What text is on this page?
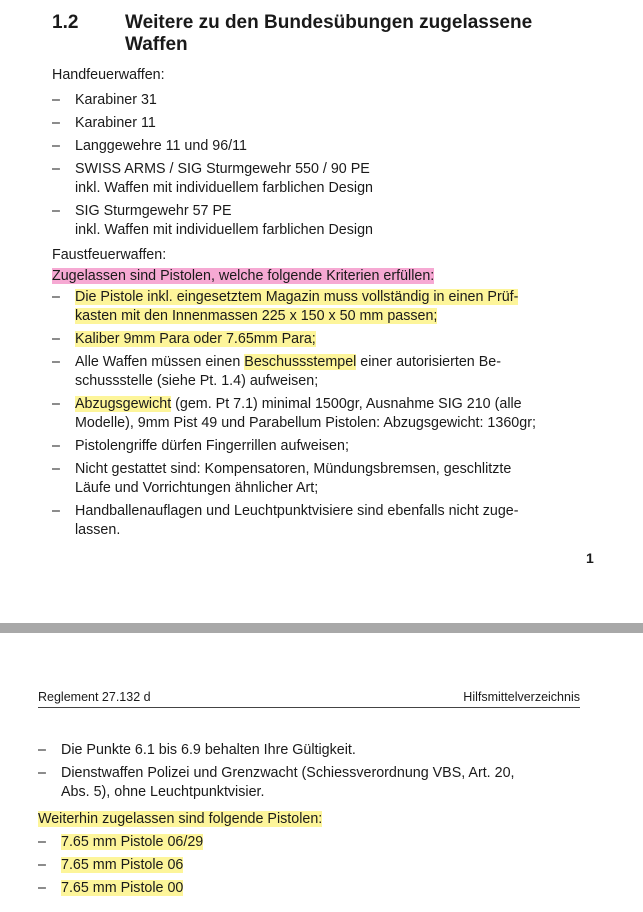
1.2	Weitere zu den Bundesübungen zugelassene Waffen
Handfeuerwaffen:
– Karabiner 31
– Karabiner 11
– Langgewehre 11 und 96/11
– SWISS ARMS / SIG Sturmgewehr 550 / 90 PE
inkl. Waffen mit individuellem farblichen Design
– SIG Sturmgewehr 57 PE
inkl. Waffen mit individuellem farblichen Design
Faustfeuerwaffen:
Zugelassen sind Pistolen, welche folgende Kriterien erfüllen:
– Die Pistole inkl. eingesetztem Magazin muss vollständig in einen Prüf-
kasten mit den Innenmassen 225 x 150 x 50 mm passen;
– Kaliber 9mm Para oder 7.65mm Para;
– Alle Waffen müssen einen Beschussstempel einer autorisierten Be-
schussstelle (siehe Pt. 1.4) aufweisen;
– Abzugsgewicht (gem. Pt 7.1) minimal 1500gr, Ausnahme SIG 210 (alle
Modelle), 9mm Pist 49 und Parabellum Pistolen: Abzugsgewicht: 1360gr;
– Pistolengriffe dürfen Fingerrillen aufweisen;
– Nicht gestattet sind: Kompensatoren, Mündungsbremsen, geschlitzte
Läufe und Vorrichtungen ähnlicher Art;
– Handballenauflagen und Leuchtpunktvisiere sind ebenfalls nicht zuge-
lassen.
1
Reglement 27.132 d	Hilfsmittelverzeichnis
– Die Punkte 6.1 bis 6.9 behalten Ihre Gültigkeit.
– Dienstwaffen Polizei und Grenzwacht (Schiessverordnung VBS, Art. 20,
Abs. 5), ohne Leuchtpunktvisier.
Weiterhin zugelassen sind folgende Pistolen:
– 7.65 mm Pistole 06/29
– 7.65 mm Pistole 06
– 7.65 mm Pistole 00
